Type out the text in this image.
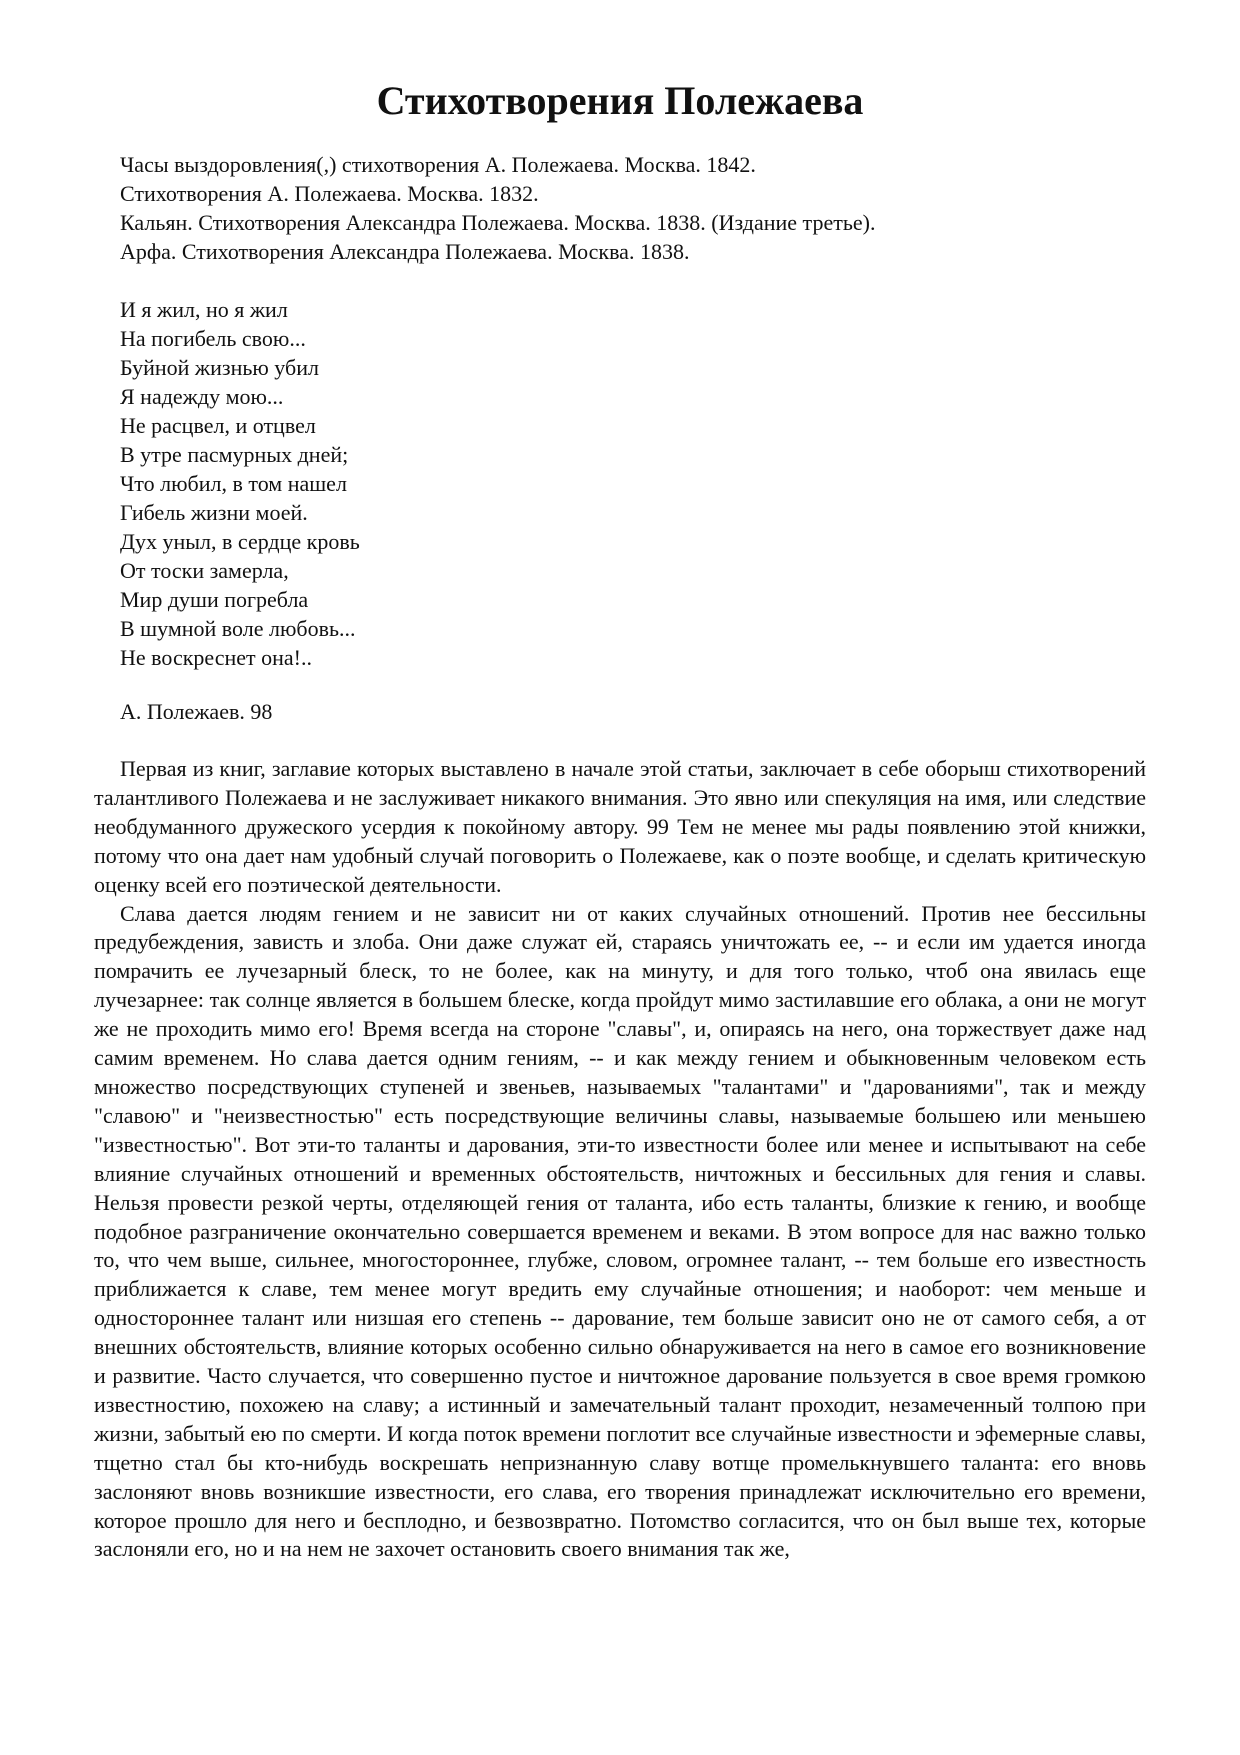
Стихотворения Полежаева
Часы выздоровления(,) стихотворения А. Полежаева. Москва. 1842.
Стихотворения А. Полежаева. Москва. 1832.
Кальян. Стихотворения Александра Полежаева. Москва. 1838. (Издание третье).
Арфа. Стихотворения Александра Полежаева. Москва. 1838.
И я жил, но я жил
На погибель свою...
Буйной жизнью убил
Я надежду мою...
Не расцвел, и отцвел
В утре пасмурных дней;
Что любил, в том нашел
Гибель жизни моей.
Дух уныл, в сердце кровь
От тоски замерла,
Мир души погребла
В шумной воле любовь...
Не воскреснет она!..
А. Полежаев. 98

Первая из книг, заглавие которых выставлено в начале этой статьи, заключает в себе оборыш стихотворений талантливого Полежаева и не заслуживает никакого внимания. Это явно или спекуляция на имя, или следствие необдуманного дружеского усердия к покойному автору. 99 Тем не менее мы рады появлению этой книжки, потому что она дает нам удобный случай поговорить о Полежаеве, как о поэте вообще, и сделать критическую оценку всей его поэтической деятельности.

Слава дается людям гением и не зависит ни от каких случайных отношений. Против нее бессильны предубеждения, зависть и злоба. Они даже служат ей, стараясь уничтожать ее, -- и если им удается иногда помрачить ее лучезарный блеск, то не более, как на минуту, и для того только, чтоб она явилась еще лучезарнее: так солнце является в большем блеске, когда пройдут мимо застилавшие его облака, а они не могут же не проходить мимо его! Время всегда на стороне "славы", и, опираясь на него, она торжествует даже над самим временем. Но слава дается одним гениям, -- и как между гением и обыкновенным человеком есть множество посредствующих ступеней и звеньев, называемых "талантами" и "дарованиями", так и между "славою" и "неизвестностью" есть посредствующие величины славы, называемые большею или меньшею "известностью". Вот эти-то таланты и дарования, эти-то известности более или менее и испытывают на себе влияние случайных отношений и временных обстоятельств, ничтожных и бессильных для гения и славы. Нельзя провести резкой черты, отделяющей гения от таланта, ибо есть таланты, близкие к гению, и вообще подобное разграничение окончательно совершается временем и веками. В этом вопросе для нас важно только то, что чем выше, сильнее, многостороннее, глубже, словом, огромнее талант, -- тем больше его известность приближается к славе, тем менее могут вредить ему случайные отношения; и наоборот: чем меньше и одностороннее талант или низшая его степень -- дарование, тем больше зависит оно не от самого себя, а от внешних обстоятельств, влияние которых особенно сильно обнаруживается на него в самое его возникновение и развитие. Часто случается, что совершенно пустое и ничтожное дарование пользуется в свое время громкою известностию, похожею на славу; а истинный и замечательный талант проходит, незамеченный толпою при жизни, забытый ею по смерти. И когда поток времени поглотит все случайные известности и эфемерные славы, тщетно стал бы кто-нибудь воскрешать непризнанную славу вотще промелькнувшего таланта: его вновь заслоняют вновь возникшие известности, его слава, его творения принадлежат исключительно его времени, которое прошло для него и бесплодно, и безвозвратно. Потомство согласится, что он был выше тех, которые заслоняли его, но и на нем не захочет остановить своего внимания так же,
